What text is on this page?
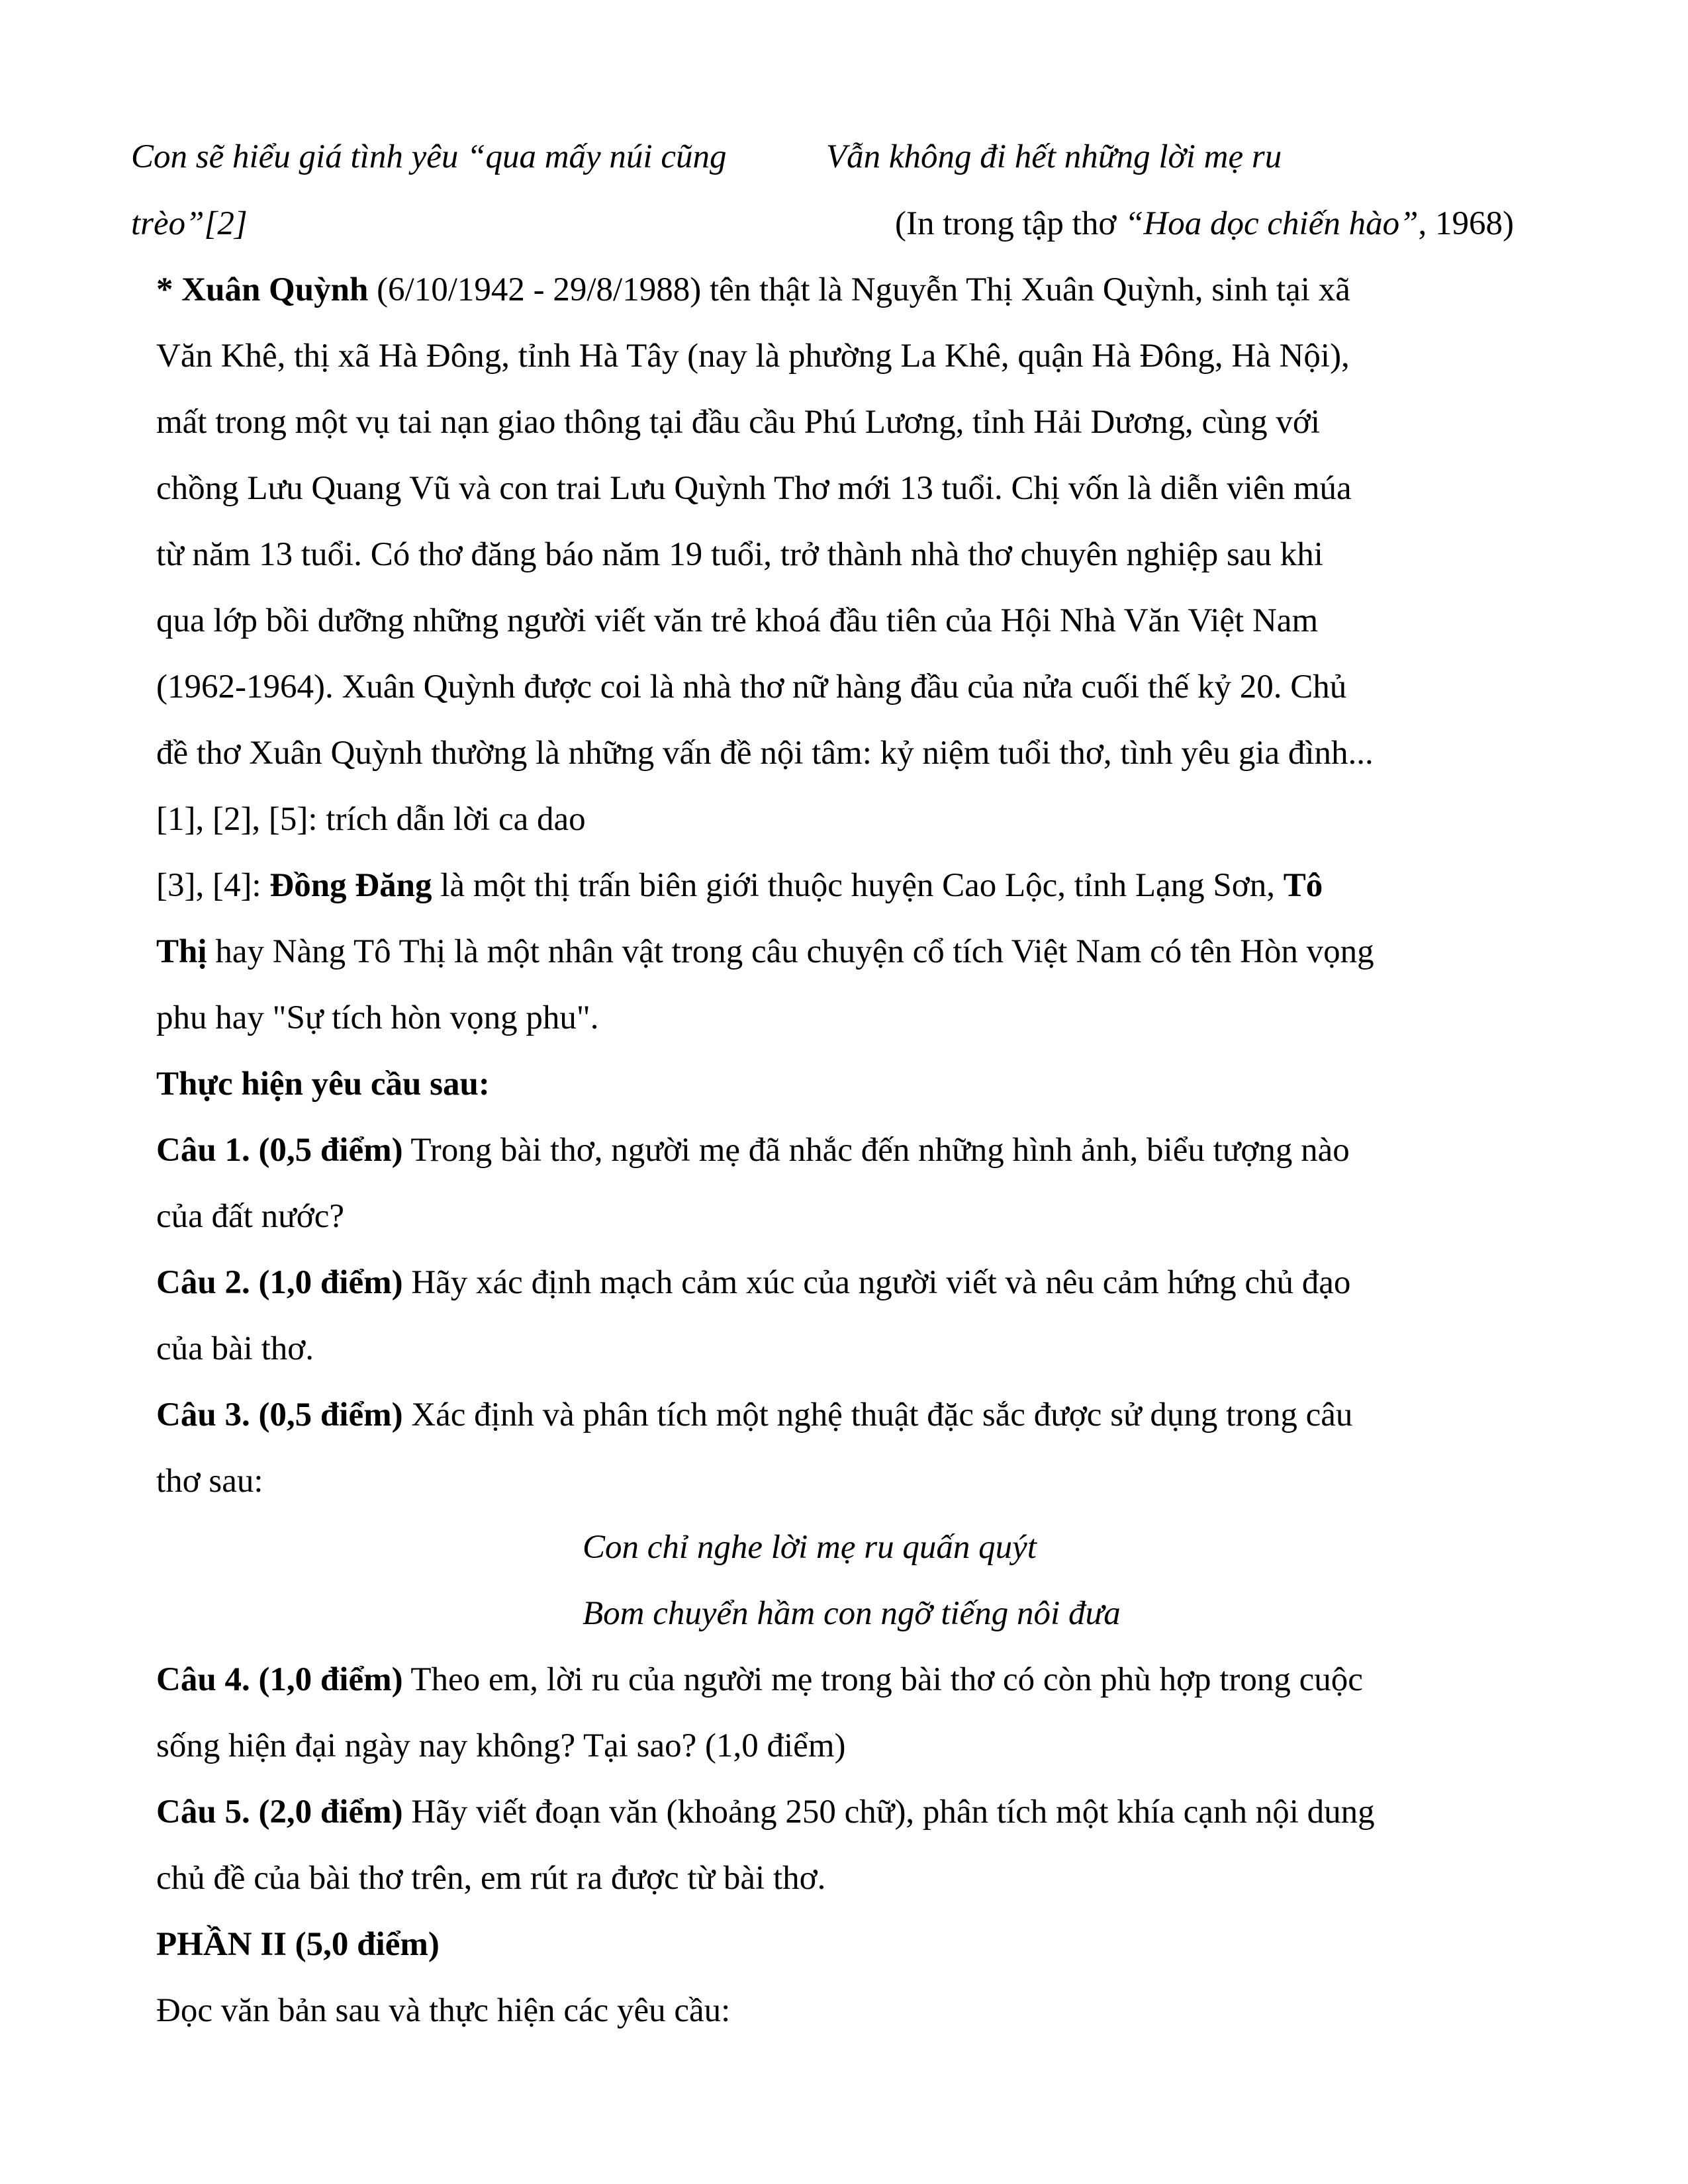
Con sẽ hiểu giá tình yêu “qua mấy núi cũng	Vẫn không đi hết những lời mẹ ru
trèo”[2]	(In trong tập thơ “Hoa dọc chiến hào”, 1968)
* Xuân Quỳnh (6/10/1942 - 29/8/1988) tên thật là Nguyễn Thị Xuân Quỳnh, sinh tại xã
Văn Khê, thị xã Hà Đông, tỉnh Hà Tây (nay là phường La Khê, quận Hà Đông, Hà Nội),
mất trong một vụ tai nạn giao thông tại đầu cầu Phú Lương, tỉnh Hải Dương, cùng với
chồng Lưu Quang Vũ và con trai Lưu Quỳnh Thơ mới 13 tuổi. Chị vốn là diễn viên múa
từ năm 13 tuổi. Có thơ đăng báo năm 19 tuổi, trở thành nhà thơ chuyên nghiệp sau khi
qua lớp bồi dưỡng những người viết văn trẻ khoá đầu tiên của Hội Nhà Văn Việt Nam
(1962-1964). Xuân Quỳnh được coi là nhà thơ nữ hàng đầu của nửa cuối thế kỷ 20. Chủ
đề thơ Xuân Quỳnh thường là những vấn đề nội tâm: kỷ niệm tuổi thơ, tình yêu gia đình...
[1], [2], [5]: trích dẫn lời ca dao
[3], [4]: Đồng Đăng là một thị trấn biên giới thuộc huyện Cao Lộc, tỉnh Lạng Sơn, Tô
Thị hay Nàng Tô Thị là một nhân vật trong câu chuyện cổ tích Việt Nam có tên Hòn vọng
phu hay "Sự tích hòn vọng phu".
Thực hiện yêu cầu sau:
Câu 1. (0,5 điểm) Trong bài thơ, người mẹ đã nhắc đến những hình ảnh, biểu tượng nào
của đất nước?
Câu 2. (1,0 điểm) Hãy xác định mạch cảm xúc của người viết và nêu cảm hứng chủ đạo
của bài thơ.
Câu 3. (0,5 điểm) Xác định và phân tích một nghệ thuật đặc sắc được sử dụng trong câu
thơ sau:
Con chỉ nghe lời mẹ ru quấn quýt
Bom chuyển hầm con ngỡ tiếng nôi đưa
Câu 4. (1,0 điểm) Theo em, lời ru của người mẹ trong bài thơ có còn phù hợp trong cuộc
sống hiện đại ngày nay không? Tại sao? (1,0 điểm)
Câu 5. (2,0 điểm) Hãy viết đoạn văn (khoảng 250 chữ), phân tích một khía cạnh nội dung
chủ đề của bài thơ trên, em rút ra được từ bài thơ.
PHẦN II (5,0 điểm)
Đọc văn bản sau và thực hiện các yêu cầu:
